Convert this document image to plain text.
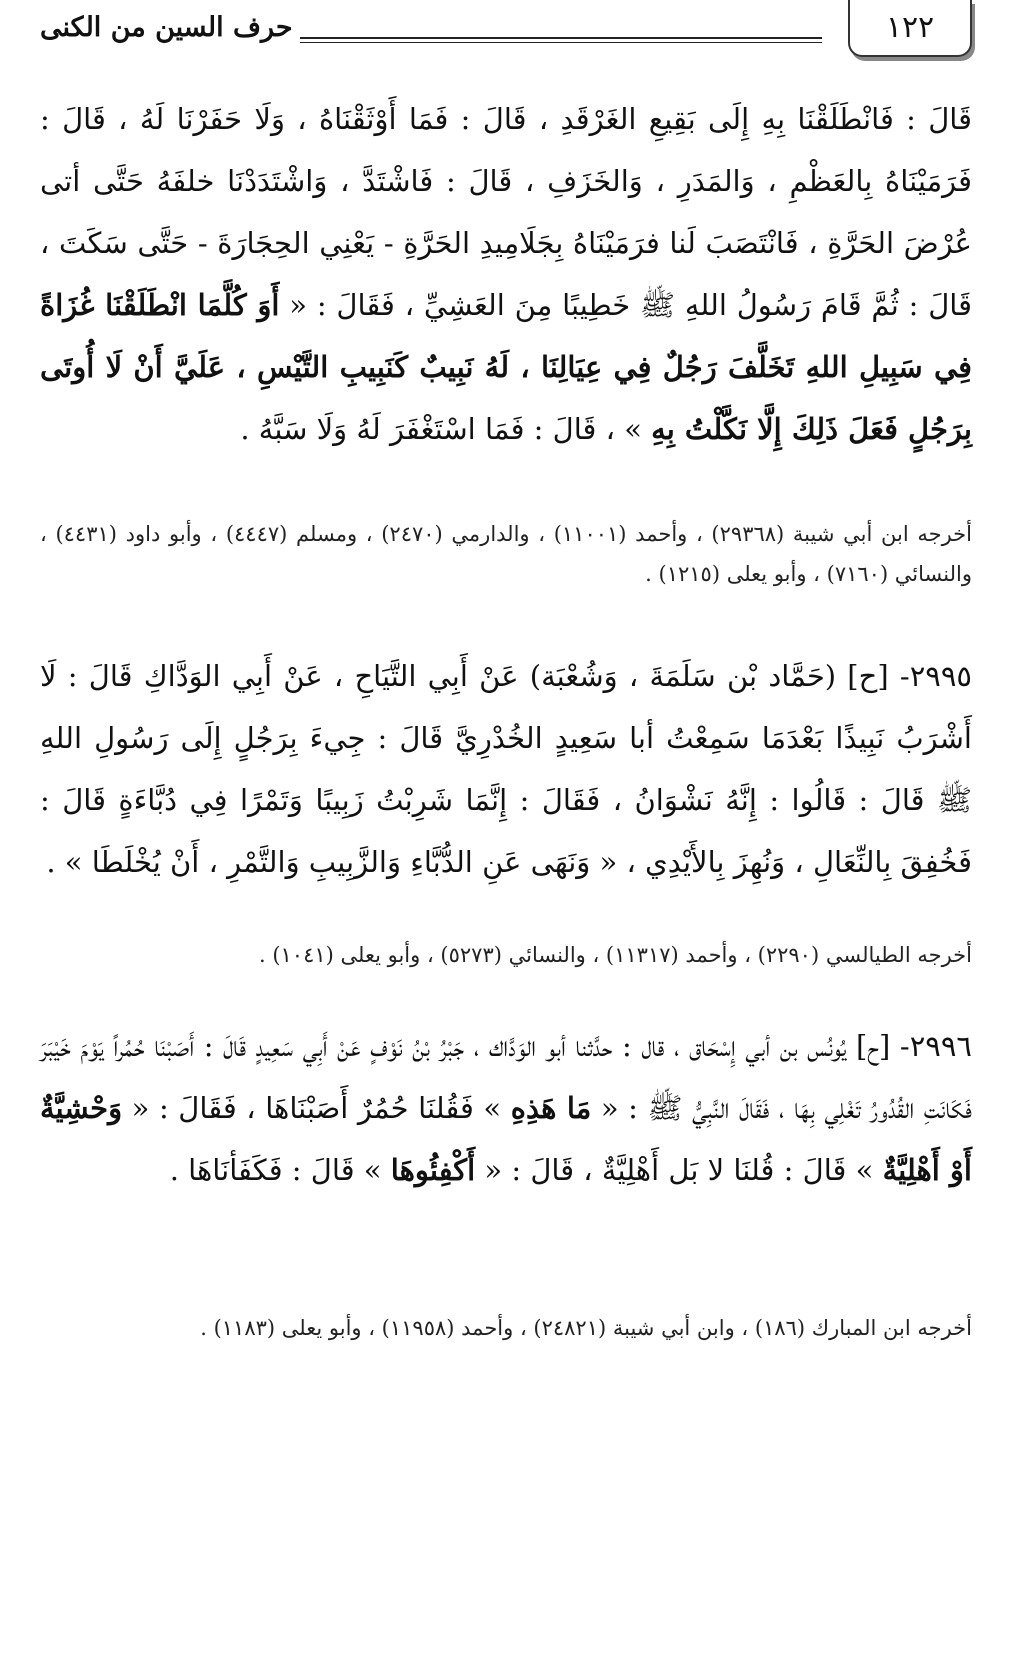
١٢٢
حرف السين من الكنى

قَالَ : فَانْطَلَقْنَا بِهِ إِلَى بَقِيعِ الغَرْقَدِ ، قَالَ : فَمَا أَوْثَقْنَاهُ ، وَلَا حَفَرْنَا لَهُ ، قَالَ : فَرَمَيْنَاهُ بِالعَظْمِ ، وَالمَدَرِ ، وَالخَزَفِ ، قَالَ : فَاشْتَدَّ ، وَاشْتَدَدْنَا خلفَهُ حَتَّى أتى عُرْضَ الحَرَّةِ ، فَانْتَصَبَ لَنا فرَمَيْنَاهُ بِجَلَامِيدِ الحَرَّةِ - يَعْنِي الحِجَارَةَ - حَتَّى سَكَتَ ، قَالَ : ثُمَّ قَامَ رَسُولُ اللهِ ﷺ خَطِيبًا مِنَ العَشِيِّ ، فَقَالَ : « أَوَ كُلَّمَا انْطَلَقْنَا غُزَاةً فِي سَبِيلِ اللهِ تَخَلَّفَ رَجُلٌ فِي عِيَالِنَا ، لَهُ نَبِيبٌ كَنَبِيبِ التَّيْسِ ، عَلَيَّ أَنْ لَا أُوتَى بِرَجُلٍ فَعَلَ ذَلِكَ إِلَّا نَكَّلْتُ بِهِ » ، قَالَ : فَمَا اسْتَغْفَرَ لَهُ وَلَا سَبَّهُ .

أخرجه ابن أبي شيبة (٢٩٣٦٨) ، وأحمد (١١٠٠١) ، والدارمي (٢٤٧٠) ، ومسلم (٤٤٤٧) ، وأبو داود (٤٤٣١) ، والنسائي (٧١٦٠) ، وأبو يعلى (١٢١٥) .

٢٩٩٥- [ح] (حَمَّاد بْن سَلَمَةَ ، وَشُعْبَة) عَنْ أَبِي التَّيَاحِ ، عَنْ أَبِي الوَدَّاكِ قَالَ : لَا أَشْرَبُ نَبِيذًا بَعْدَمَا سَمِعْتُ أبا سَعِيدٍ الخُدْرِيَّ قَالَ : جِيءَ بِرَجُلٍ إِلَى رَسُولِ اللهِ ﷺ قَالَ : قَالُوا : إِنَّهُ نَشْوَانُ ، فَقَالَ : إِنَّمَا شَرِبْتُ زَبِيبًا وَتَمْرًا فِي دُبَّاءَةٍ قَالَ : فَخُفِقَ بِالنِّعَالِ ، وَنُهِزَ بِالأَيْدِي ، « وَنَهَى عَنِ الدُّبَّاءِ وَالزَّبِيبِ وَالتَّمْرِ ، أَنْ يُخْلَطَا » .

أخرجه الطيالسي (٢٢٩٠) ، وأحمد (١١٣١٧) ، والنسائي (٥٢٧٣) ، وأبو يعلى (١٠٤١) .

٢٩٩٦- [ح] يُونُس بن أبي إِسْحَاق ، قال : حدَّثنا أبو الوَدَّاك ، جَبْرُ بْنُ نَوْفٍ عَنْ أَبِي سَعِيدٍ قَالَ : أَصَبْنَا حُمُراً يَوْمَ خَيْبَرَ فَكَانَتِ القُدُورُ تَغْلِي بِهَا ، فَقَالَ النَّبِيُّ ﷺ : « مَا هَذِهِ » فَقُلنَا حُمُرٌ أَصَبْنَاهَا ، فَقَالَ : « وَحْشِيَّةٌ أَوْ أَهْلِيَّةٌ » قَالَ : قُلنَا لا بَل أَهْلِيَّةٌ ، قَالَ : « أَكْفِئُوهَا » قَالَ : فَكَفَأنَاهَا .

أخرجه ابن المبارك (١٨٦) ، وابن أبي شيبة (٢٤٨٢١) ، وأحمد (١١٩٥٨) ، وأبو يعلى (١١٨٣) .
